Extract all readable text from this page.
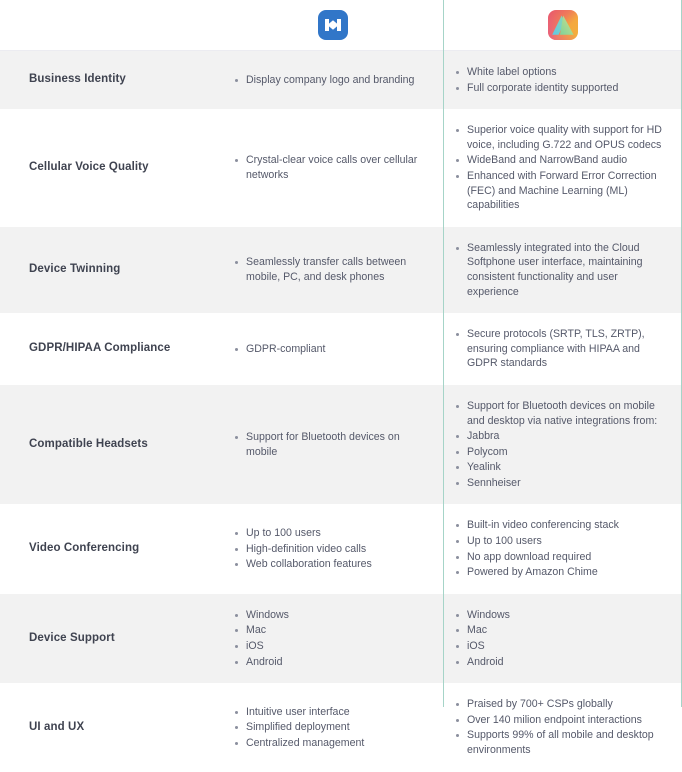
Business Identity	Display company logo and branding
White label options
Full corporate identity supported
Cellular Voice Quality
Crystal-clear voice calls over cellular networks
Superior voice quality with support for HD voice, including G.722 and OPUS codecs
WideBand and NarrowBand audio
Enhanced with Forward Error Correction (FEC) and Machine Learning (ML) capabilities
Device Twinning
Seamlessly transfer calls between mobile, PC, and desk phones
Seamlessly integrated into the Cloud Softphone user interface, maintaining consistent functionality and user experience
GDPR/HIPAA Compliance	GDPR-compliant
Secure protocols (SRTP, TLS, ZRTP), ensuring compliance with HIPAA and GDPR standards
Compatible Headsets
Support for Bluetooth devices on mobile
Support for Bluetooth devices on mobile and desktop via native integrations from:
Jabbra
Polycom
Yealink
Sennheiser
Video Conferencing
Up to 100 users
High-definition video calls
Web collaboration features
Built-in video conferencing stack
Up to 100 users
No app download required
Powered by Amazon Chime
Device Support
Windows
Mac
iOS
Android
Windows
Mac
iOS
Android
UI and UX
Intuitive user interface
Simplified deployment
Centralized management
Praised by 700+ CSPs globally
Over 140 milion endpoint interactions
Supports 99% of all mobile and desktop environments
